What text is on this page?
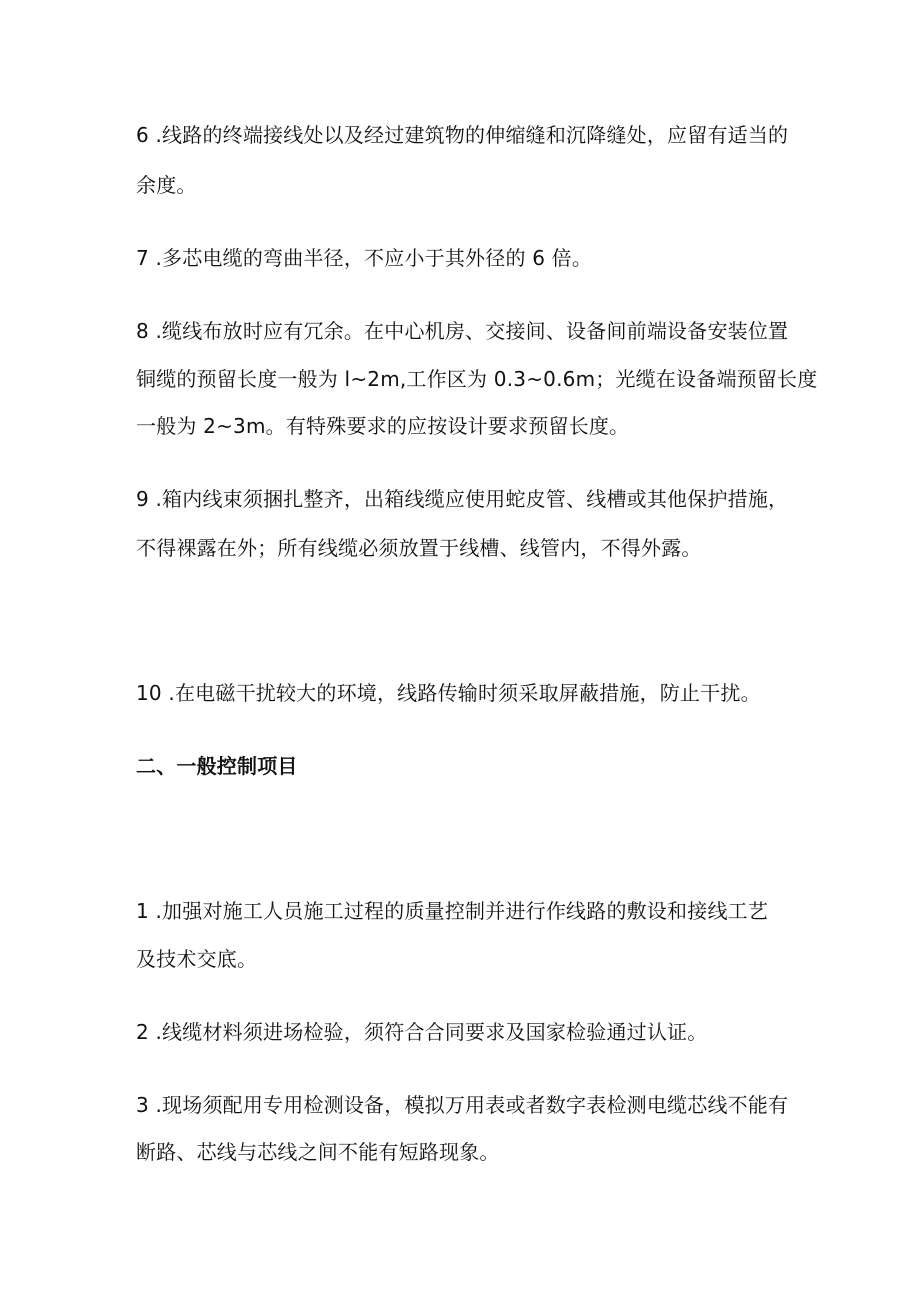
6 .线路的终端接线处以及经过建筑物的伸缩缝和沉降缝处，应留有适当的
余度。
7 .多芯电缆的弯曲半径，不应小于其外径的 6 倍。
8 .缆线布放时应有冗余。在中心机房、交接间、设备间前端设备安装位置
铜缆的预留长度一般为 l~2m,工作区为 0.3~0.6m；光缆在设备端预留长度
一般为 2~3m。有特殊要求的应按设计要求预留长度。
9 .箱内线束须捆扎整齐，出箱线缆应使用蛇皮管、线槽或其他保护措施，
不得裸露在外；所有线缆必须放置于线槽、线管内，不得外露。
10 .在电磁干扰较大的环境，线路传输时须采取屏蔽措施，防止干扰。
二、一般控制项目
1 .加强对施工人员施工过程的质量控制并进行作线路的敷设和接线工艺
及技术交底。
2 .线缆材料须进场检验，须符合合同要求及国家检验通过认证。
3 .现场须配用专用检测设备，模拟万用表或者数字表检测电缆芯线不能有
断路、芯线与芯线之间不能有短路现象。
